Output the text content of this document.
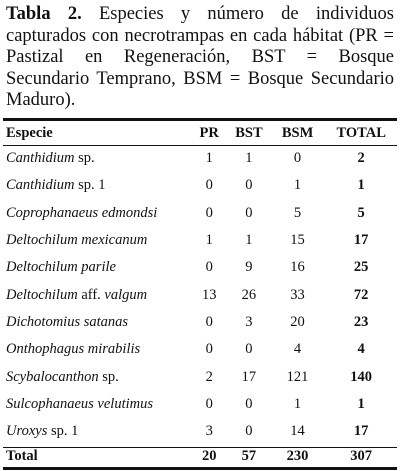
Tabla 2. Especies y número de individuos capturados con necrotrampas en cada hábitat (PR = Pastizal en Regeneración, BST = Bosque Secundario Temprano, BSM = Bosque Secundario Maduro).
Especie	PR	BST	BSM	TOTAL
Canthidium sp.	1	1	0	2
Canthidium sp. 1	0	0	1	1
Coprophanaeus edmondsi	0	0	5	5
Deltochilum mexicanum	1	1	15	17
Deltochilum parile	0	9	16	25
Deltochilum aff. valgum	13	26	33	72
Dichotomius satanas	0	3	20	23
Onthophagus mirabilis	0	0	4	4
Scybalocanthon sp.	2	17	121	140
Sulcophanaeus velutimus	0	0	1	1
Uroxys sp. 1	3	0	14	17
Total	20	57	230	307
